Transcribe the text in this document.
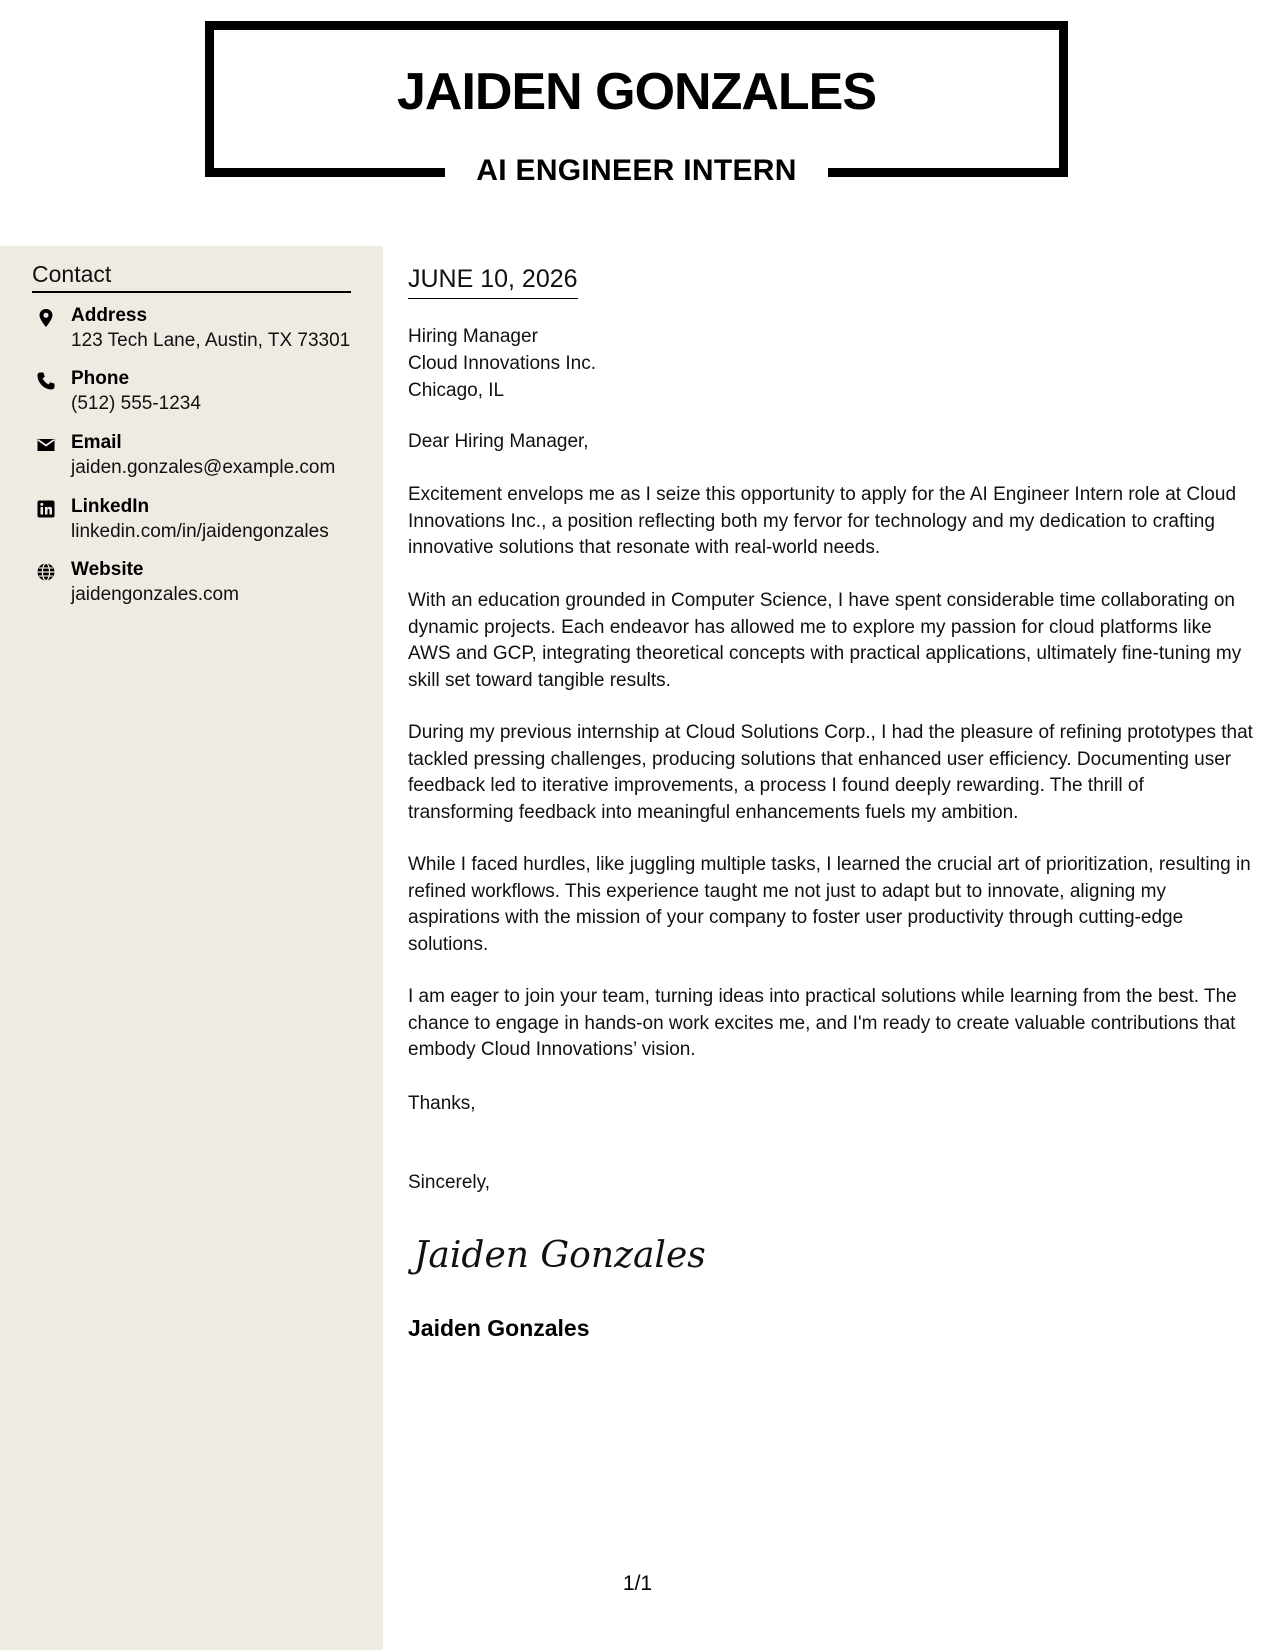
JAIDEN GONZALES
AI ENGINEER INTERN
Contact
Address
123 Tech Lane, Austin, TX 73301
Phone
(512) 555-1234
Email
jaiden.gonzales@example.com
LinkedIn
linkedin.com/in/jaidengonzales
Website
jaidengonzales.com
JUNE 10, 2026
Hiring Manager
Cloud Innovations Inc.
Chicago, IL

Dear Hiring Manager,

Excitement envelops me as I seize this opportunity to apply for the AI Engineer Intern role at Cloud Innovations Inc., a position reflecting both my fervor for technology and my dedication to crafting innovative solutions that resonate with real-world needs.

With an education grounded in Computer Science, I have spent considerable time collaborating on dynamic projects. Each endeavor has allowed me to explore my passion for cloud platforms like AWS and GCP, integrating theoretical concepts with practical applications, ultimately fine-tuning my skill set toward tangible results.

During my previous internship at Cloud Solutions Corp., I had the pleasure of refining prototypes that tackled pressing challenges, producing solutions that enhanced user efficiency. Documenting user feedback led to iterative improvements, a process I found deeply rewarding. The thrill of transforming feedback into meaningful enhancements fuels my ambition.

While I faced hurdles, like juggling multiple tasks, I learned the crucial art of prioritization, resulting in refined workflows. This experience taught me not just to adapt but to innovate, aligning my aspirations with the mission of your company to foster user productivity through cutting-edge solutions.

I am eager to join your team, turning ideas into practical solutions while learning from the best. The chance to engage in hands-on work excites me, and I'm ready to create valuable contributions that embody Cloud Innovations’ vision.

Thanks,

Sincerely,

Jaiden Gonzales
Jaiden Gonzales
1/1
